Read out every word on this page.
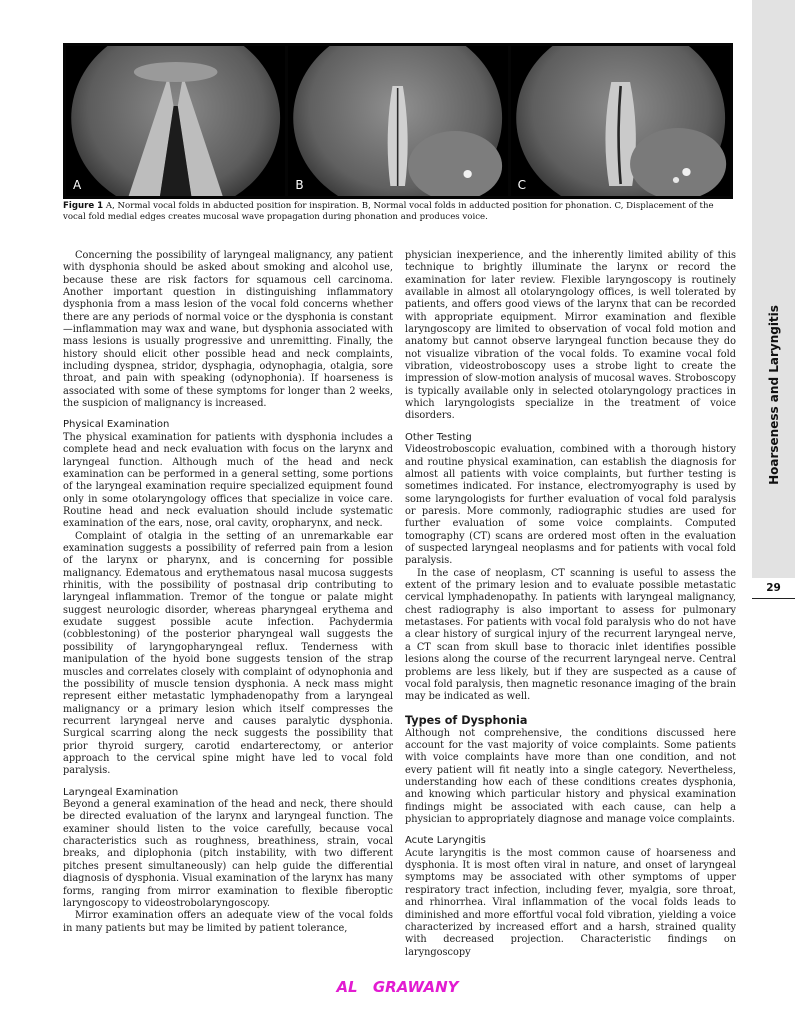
Hoarseness and Laryngitis
29
A	B	C

Figure 1 A, Normal vocal folds in abducted position for inspiration. B, Normal vocal folds in adducted position for phonation. C, Displacement of the vocal fold medial edges creates mucosal wave propagation during phonation and produces voice.

Concerning the possibility of laryngeal malignancy, any patient with dysphonia should be asked about smoking and alcohol use, because these are risk factors for squamous cell carcinoma. Another important question in distinguishing inflammatory dysphonia from a mass lesion of the vocal fold concerns whether there are any periods of normal voice or the dysphonia is constant—inflammation may wax and wane, but dysphonia associated with mass lesions is usually progressive and unremitting. Finally, the history should elicit other possible head and neck complaints, including dyspnea, stridor, dysphagia, odynophagia, otalgia, sore throat, and pain with speaking (odynophonia). If hoarseness is associated with some of these symptoms for longer than 2 weeks, the suspicion of malignancy is increased.

Physical Examination

The physical examination for patients with dysphonia includes a complete head and neck evaluation with focus on the larynx and laryngeal function. Although much of the head and neck examination can be performed in a general setting, some portions of the laryngeal examination require specialized equipment found only in some otolaryngology offices that specialize in voice care. Routine head and neck evaluation should include systematic examination of the ears, nose, oral cavity, oropharynx, and neck.

Complaint of otalgia in the setting of an unremarkable ear examination suggests a possibility of referred pain from a lesion of the larynx or pharynx, and is concerning for possible malignancy. Edematous and erythematous nasal mucosa suggests rhinitis, with the possibility of postnasal drip contributing to laryngeal inflammation. Tremor of the tongue or palate might suggest neurologic disorder, whereas pharyngeal erythema and exudate suggest possible acute infection. Pachydermia (cobblestoning) of the posterior pharyngeal wall suggests the possibility of laryngopharyngeal reflux. Tenderness with manipulation of the hyoid bone suggests tension of the strap muscles and correlates closely with complaint of odynophonia and the possibility of muscle tension dysphonia. A neck mass might represent either metastatic lymphadenopathy from a laryngeal malignancy or a primary lesion which itself compresses the recurrent laryngeal nerve and causes paralytic dysphonia. Surgical scarring along the neck suggests the possibility that prior thyroid surgery, carotid endarterectomy, or anterior approach to the cervical spine might have led to vocal fold paralysis.

Laryngeal Examination

Beyond a general examination of the head and neck, there should be directed evaluation of the larynx and laryngeal function. The examiner should listen to the voice carefully, because vocal characteristics such as roughness, breathiness, strain, vocal breaks, and diplophonia (pitch instability, with two different pitches present simultaneously) can help guide the differential diagnosis of dysphonia. Visual examination of the larynx has many forms, ranging from mirror examination to flexible fiberoptic laryngoscopy to videostrobolaryngoscopy.

Mirror examination offers an adequate view of the vocal folds in many patients but may be limited by patient tolerance,

physician inexperience, and the inherently limited ability of this technique to brightly illuminate the larynx or record the examination for later review. Flexible laryngoscopy is routinely available in almost all otolaryngology offices, is well tolerated by patients, and offers good views of the larynx that can be recorded with appropriate equipment. Mirror examination and flexible laryngoscopy are limited to observation of vocal fold motion and anatomy but cannot observe laryngeal function because they do not visualize vibration of the vocal folds. To examine vocal fold vibration, videostroboscopy uses a strobe light to create the impression of slow-motion analysis of mucosal waves. Stroboscopy is typically available only in selected otolaryngology practices in which laryngologists specialize in the treatment of voice disorders.

Other Testing

Videostroboscopic evaluation, combined with a thorough history and routine physical examination, can establish the diagnosis for almost all patients with voice complaints, but further testing is sometimes indicated. For instance, electromyography is used by some laryngologists for further evaluation of vocal fold paralysis or paresis. More commonly, radiographic studies are used for further evaluation of some voice complaints. Computed tomography (CT) scans are ordered most often in the evaluation of suspected laryngeal neoplasms and for patients with vocal fold paralysis.

In the case of neoplasm, CT scanning is useful to assess the extent of the primary lesion and to evaluate possible metastatic cervical lymphadenopathy. In patients with laryngeal malignancy, chest radiography is also important to assess for pulmonary metastases. For patients with vocal fold paralysis who do not have a clear history of surgical injury of the recurrent laryngeal nerve, a CT scan from skull base to thoracic inlet identifies possible lesions along the course of the recurrent laryngeal nerve. Central problems are less likely, but if they are suspected as a cause of vocal fold paralysis, then magnetic resonance imaging of the brain may be indicated as well.

Types of Dysphonia

Although not comprehensive, the conditions discussed here account for the vast majority of voice complaints. Some patients with voice complaints have more than one condition, and not every patient will fit neatly into a single category. Nevertheless, understanding how each of these conditions creates dysphonia, and knowing which particular history and physical examination findings might be associated with each cause, can help a physician to appropriately diagnose and manage voice complaints.

Acute Laryngitis

Acute laryngitis is the most common cause of hoarseness and dysphonia. It is most often viral in nature, and onset of laryngeal symptoms may be associated with other symptoms of upper respiratory tract infection, including fever, myalgia, sore throat, and rhinorrhea. Viral inflammation of the vocal folds leads to diminished and more effortful vocal fold vibration, yielding a voice characterized by increased effort and a harsh, strained quality with decreased projection. Characteristic findings on laryngoscopy

AL GRAWANY
